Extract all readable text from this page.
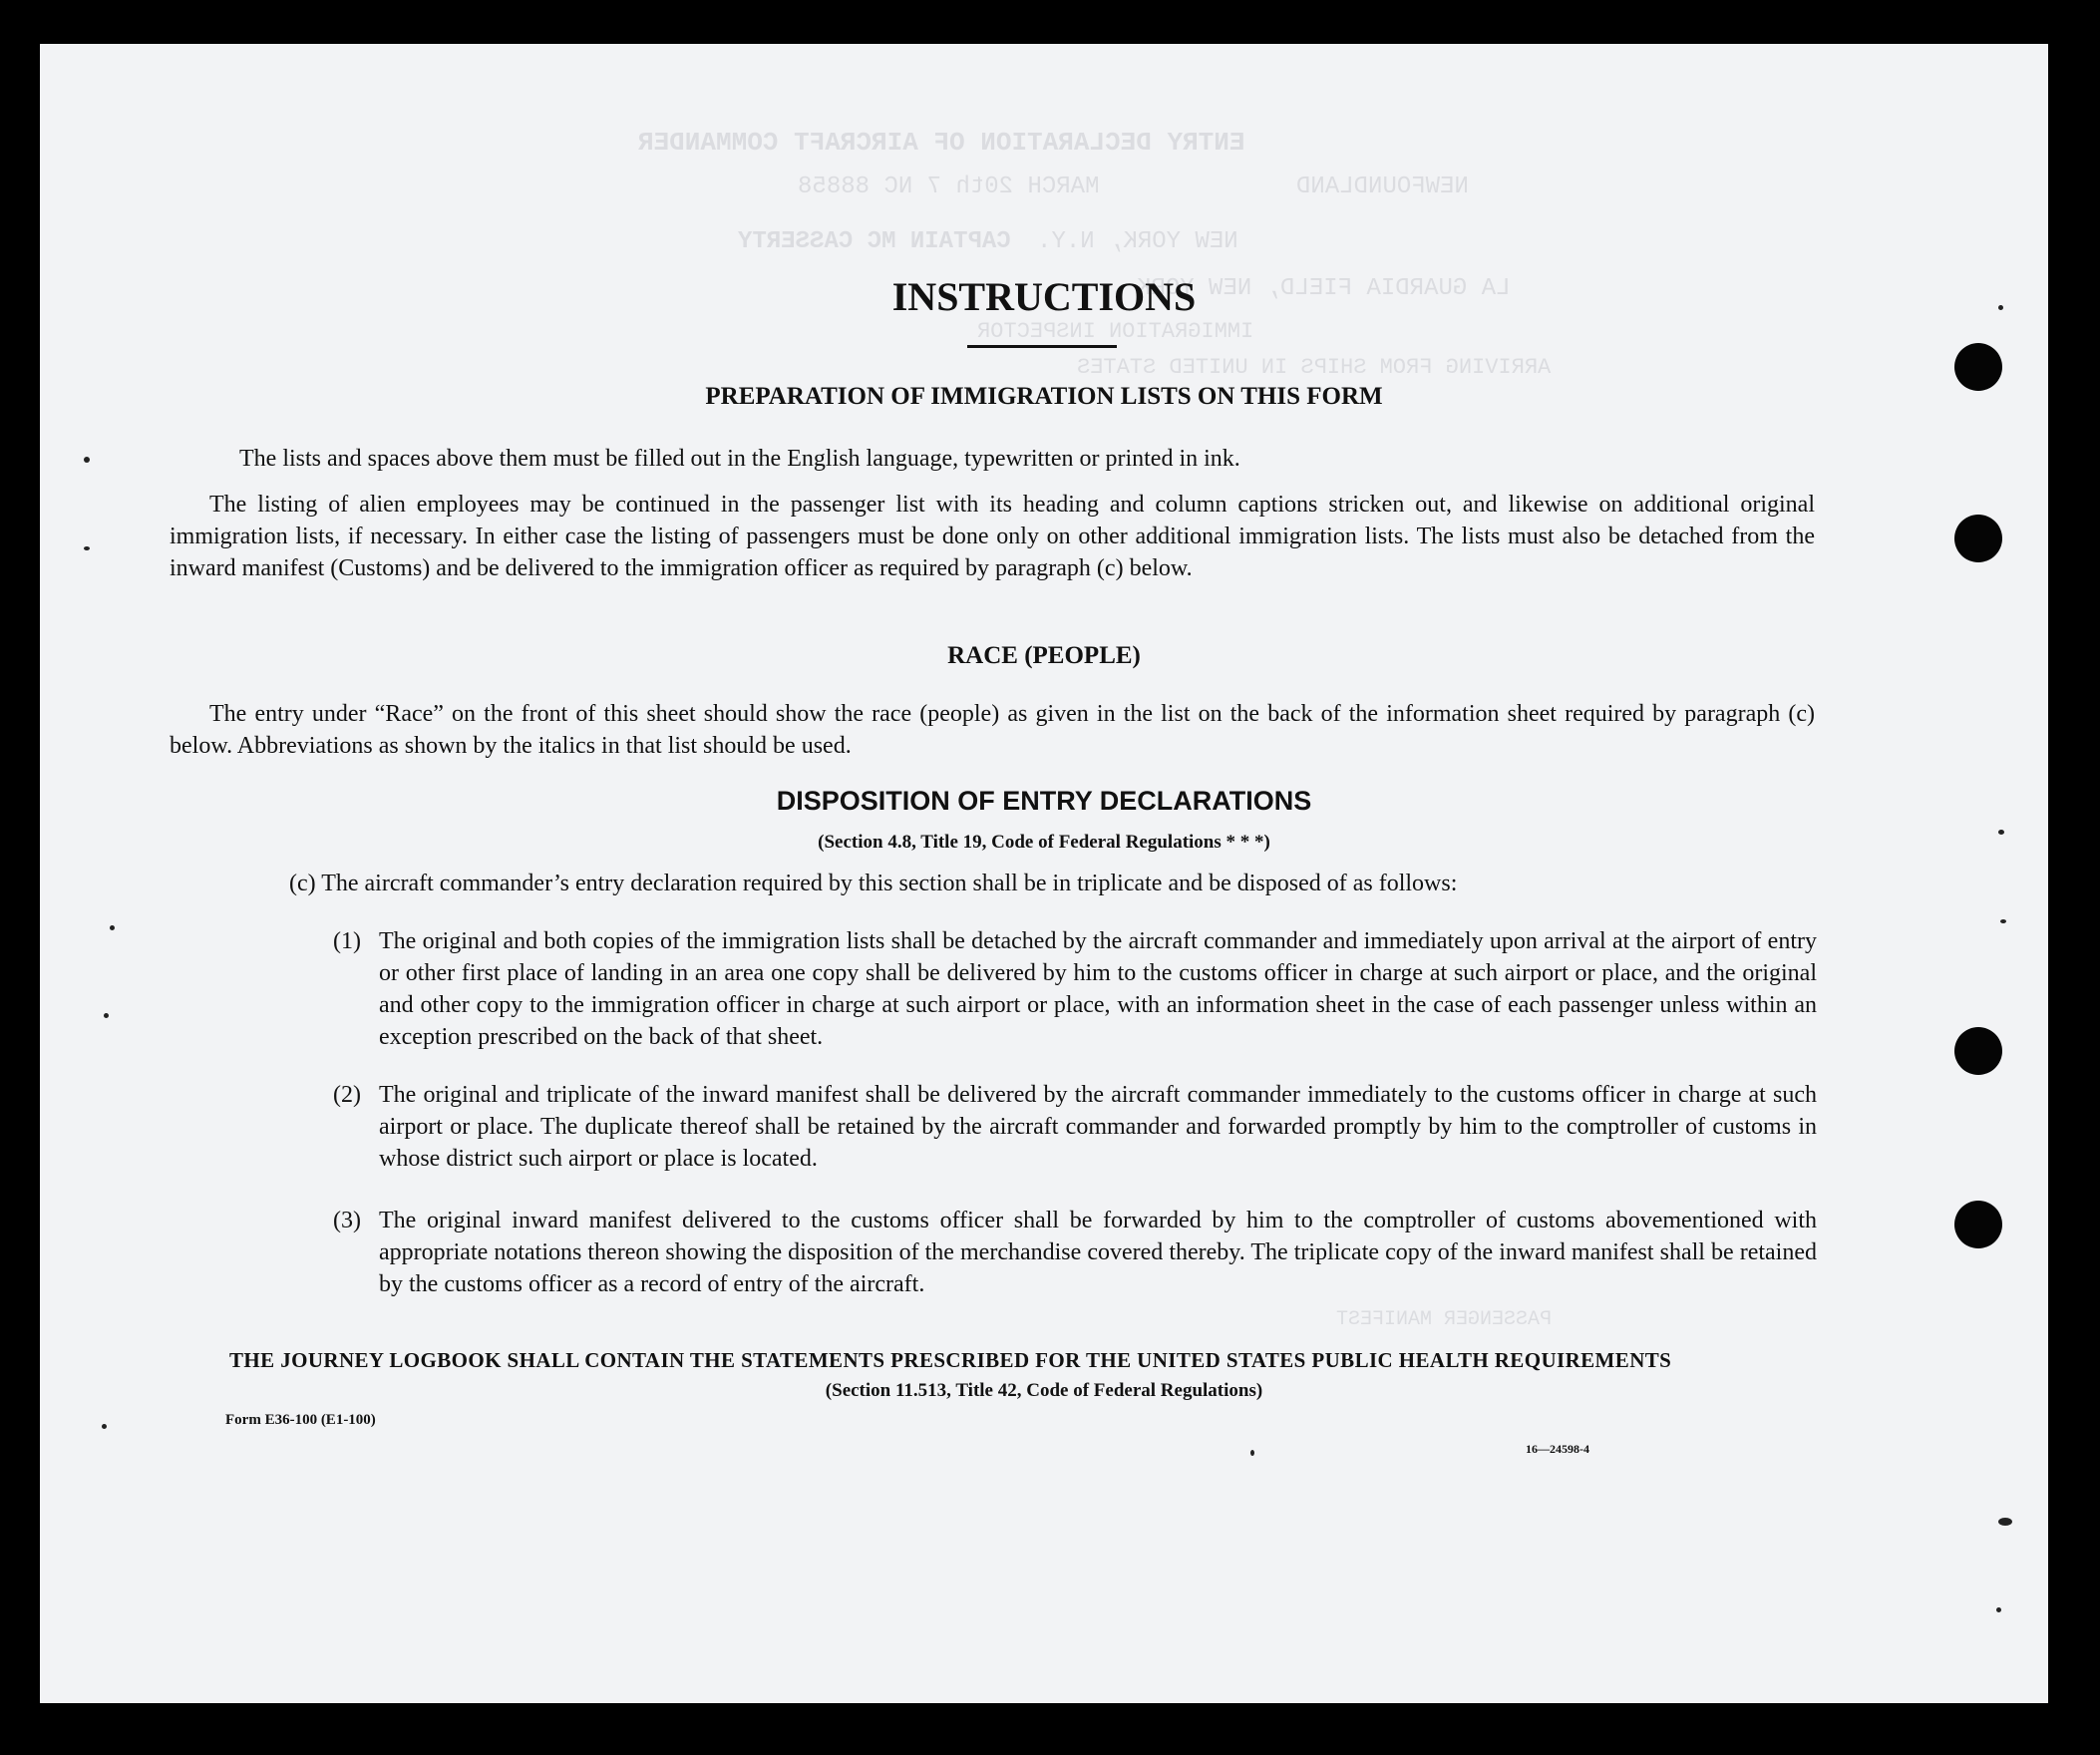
ENTRY DECLARATION OF AIRCRAFT COMMANDER
NEWFOUNDLAND
MARCH 20th 7 NC 88858
CAPTAIN MC CASSERTY NEW YORK, N.Y.
LA GUARDIA FIELD, NEW YORK
IMMIGRATION INSPECTOR
ARRIVING FROM SHIPS IN UNITED STATES
PASSENGER MANIFEST
INSTRUCTIONS
PREPARATION OF IMMIGRATION LISTS ON THIS FORM
The lists and spaces above them must be filled out in the English language, typewritten or printed in ink.
The listing of alien employees may be continued in the passenger list with its heading and column captions stricken out, and likewise on additional original immigration lists, if necessary. In either case the listing of passengers must be done only on other additional immigration lists. The lists must also be detached from the inward manifest (Customs) and be delivered to the immigration officer as required by paragraph (c) below.
RACE (PEOPLE)
The entry under “Race” on the front of this sheet should show the race (people) as given in the list on the back of the information sheet required by paragraph (c) below. Abbreviations as shown by the italics in that list should be used.
DISPOSITION OF ENTRY DECLARATIONS
(Section 4.8, Title 19, Code of Federal Regulations * * *)
(c) The aircraft commander’s entry declaration required by this section shall be in triplicate and be disposed of as follows:
(1) The original and both copies of the immigration lists shall be detached by the aircraft commander and immediately upon arrival at the airport of entry or other first place of landing in an area one copy shall be delivered by him to the customs officer in charge at such airport or place, and the original and other copy to the immigration officer in charge at such airport or place, with an information sheet in the case of each passenger unless within an exception prescribed on the back of that sheet.
(2) The original and triplicate of the inward manifest shall be delivered by the aircraft commander immediately to the customs officer in charge at such airport or place. The duplicate thereof shall be retained by the aircraft commander and forwarded promptly by him to the comptroller of customs in whose district such airport or place is located.
(3) The original inward manifest delivered to the customs officer shall be forwarded by him to the comptroller of customs abovementioned with appropriate notations thereon showing the disposition of the merchandise covered thereby. The triplicate copy of the inward manifest shall be retained by the customs officer as a record of entry of the aircraft.
THE JOURNEY LOGBOOK SHALL CONTAIN THE STATEMENTS PRESCRIBED FOR THE UNITED STATES PUBLIC HEALTH REQUIREMENTS
(Section 11.513, Title 42, Code of Federal Regulations)
Form E36-100 (E1-100)
16—24598-4
